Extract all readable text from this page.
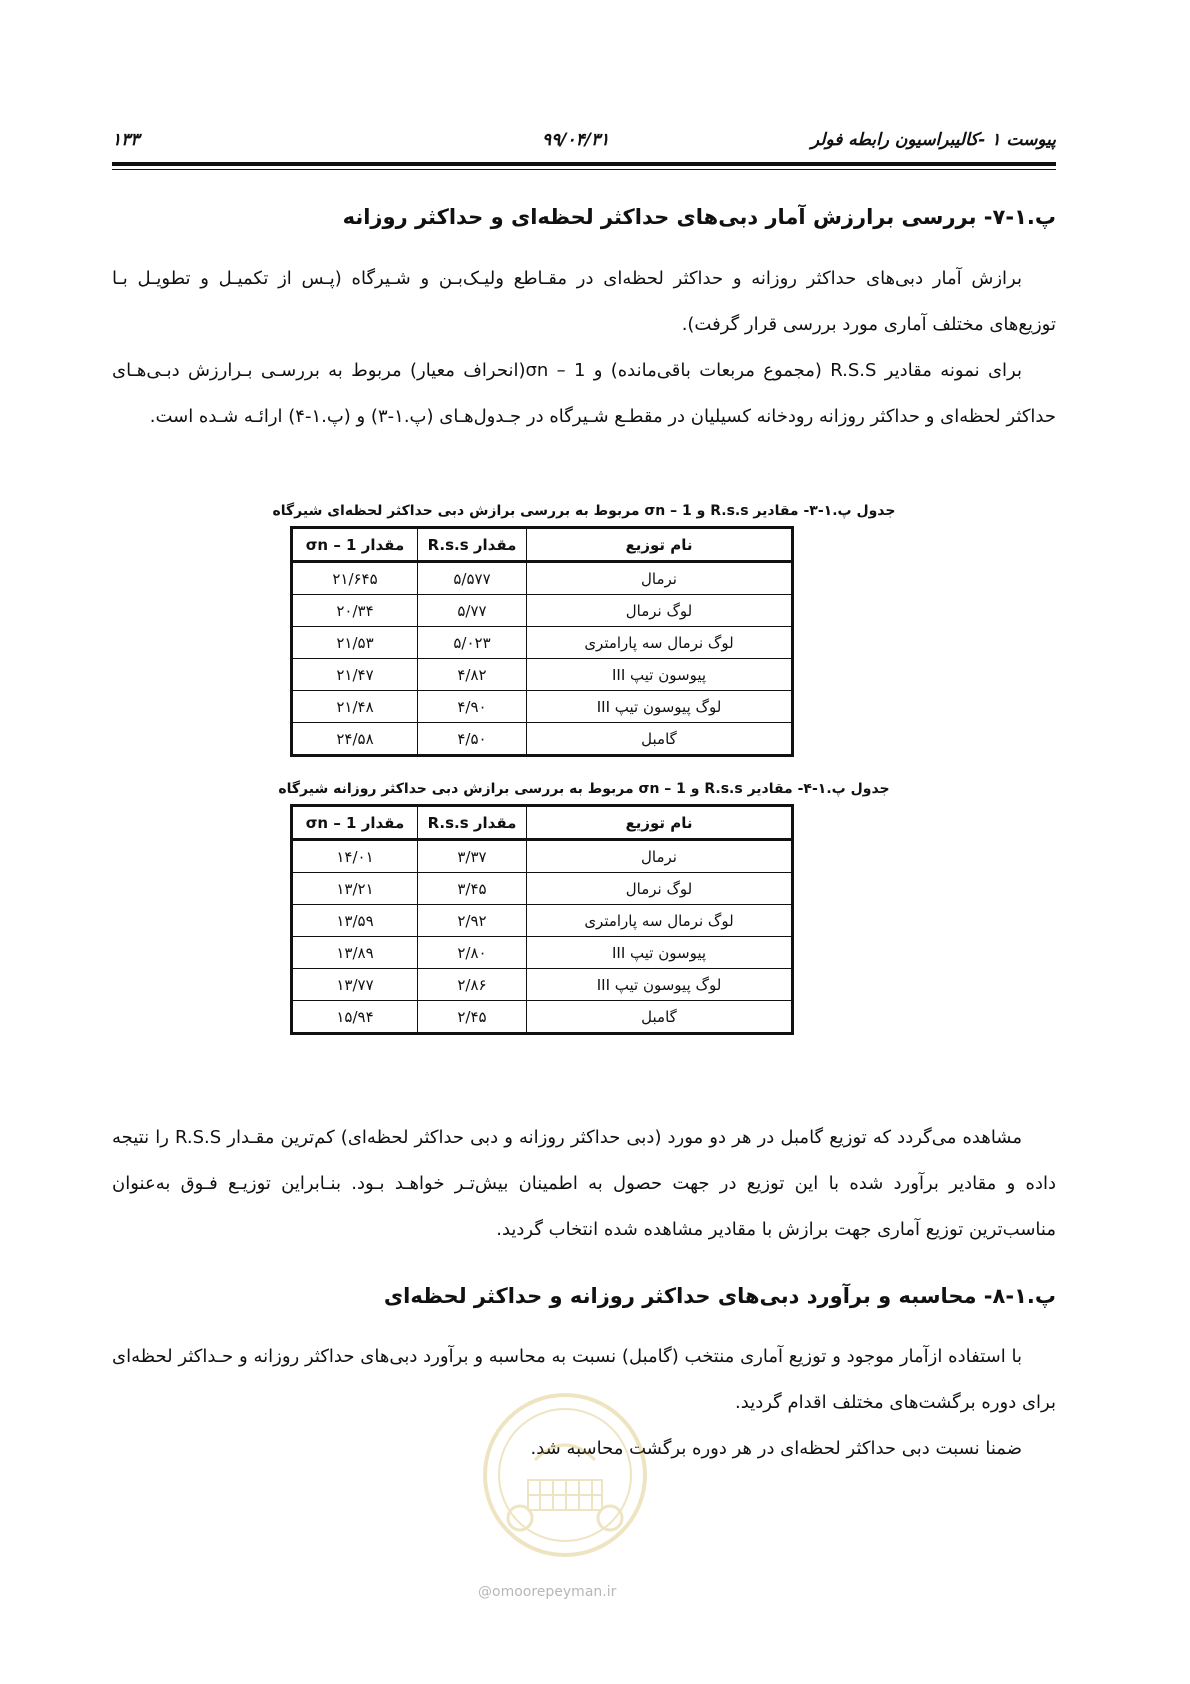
پیوست ۱ -کالیبراسیون رابطه فولر
۹۹/۰۴/۳۱
۱۳۳
پ.۱-۷- بررسی برارزش آمار دبی‌های حداکثر لحظه‌ای و حداکثر روزانه

برازش آمار دبی‌های حداکثر روزانه و حداکثر لحظه‌ای در مقـاطع ولیـک‌بـن و شـیرگاه (پـس از تکمیـل و تطویـل بـا توزیع‌های مختلف آماری مورد بررسی قرار گرفت).

برای نمونه مقادیر R.S.S (مجموع مربعات باقی‌مانده) و σn – 1(انحراف معیار) مربوط به بررسـی بـرارزش دبـی‌هـای حداکثر لحظه‌ای و حداکثر روزانه رودخانه کسیلیان در مقطـع شـیرگاه در جـدول‌هـای (پ.۱-۳) و (پ.۱-۴) ارائـه شـده است.

جدول پ.۱-۳- مقادیر R.s.s و σn – 1 مربوط به بررسی برازش دبی حداکثر لحظه‌ای شیرگاه
نام توزیع	مقدار R.s.s	مقدار σn – 1
نرمال	۵/۵۷۷	۲۱/۶۴۵
لوگ نرمال	۵/۷۷	۲۰/۳۴
لوگ نرمال سه پارامتری	۵/۰۲۳	۲۱/۵۳
پیوسون تیپ III	۴/۸۲	۲۱/۴۷
لوگ پیوسون تیپ III	۴/۹۰	۲۱/۴۸
گامبل	۴/۵۰	۲۴/۵۸
جدول پ.۱-۴- مقادیر R.s.s و σn – 1 مربوط به بررسی برازش دبی حداکثر روزانه شیرگاه
نام توزیع	مقدار R.s.s	مقدار σn – 1
نرمال	۳/۳۷	۱۴/۰۱
لوگ نرمال	۳/۴۵	۱۳/۲۱
لوگ نرمال سه پارامتری	۲/۹۲	۱۳/۵۹
پیوسون تیپ III	۲/۸۰	۱۳/۸۹
لوگ پیوسون تیپ III	۲/۸۶	۱۳/۷۷
گامبل	۲/۴۵	۱۵/۹۴

مشاهده می‌گردد که توزیع گامبل در هر دو مورد (دبی حداکثر روزانه و دبی حداکثر لحظه‌ای) کم‌ترین مقـدار R.S.S را نتیجه داده و مقادیر برآورد شده با این توزیع در جهت حصول به اطمینان بیش‌تـر خواهـد بـود. بنـابراین توزیـع فـوق به‌عنوان مناسب‌ترین توزیع آماری جهت برازش با مقادیر مشاهده شده انتخاب گردید.

پ.۱-۸- محاسبه و برآورد دبی‌های حداکثر روزانه و حداکثر لحظه‌ای

با استفاده ازآمار موجود و توزیع آماری منتخب (گامبل) نسبت به محاسبه و برآورد دبی‌های حداکثر روزانه و حـداکثر لحظه‌ای برای دوره برگشت‌های مختلف اقدام گردید.

ضمنا نسبت دبی حداکثر لحظه‌ای در هر دوره برگشت محاسبه شد.

@omoorepeyman.ir
